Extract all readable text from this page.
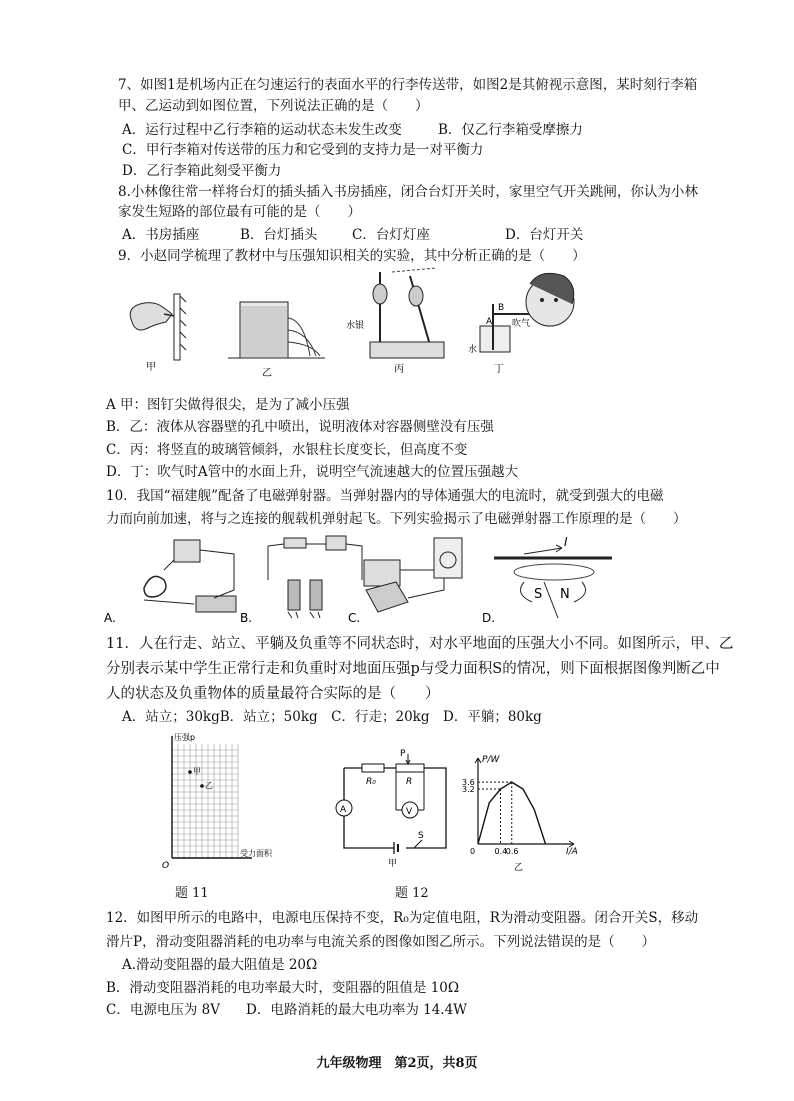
7、如图1是机场内正在匀速运行的表面水平的行李传送带，如图2是其俯视示意图，某时刻行李箱
甲、乙运动到如图位置，下列说法正确的是（　　）
A．运行过程中乙行李箱的运动状态未发生改变	B．仅乙行李箱受摩擦力
C．甲行李箱对传送带的压力和它受到的支持力是一对平衡力
D．乙行李箱此刻受平衡力
8.小林像往常一样将台灯的插头插入书房插座，闭合台灯开关时，家里空气开关跳闸，你认为小林
家发生短路的部位最有可能的是（　　）
A．书房插座	B．台灯插头	C．台灯灯座	D．台灯开关
9．小赵同学梳理了教材中与压强知识相关的实验，其中分析正确的是（　　）
甲
乙
水银
丙
B
A 吹气
水
丁
A 甲：图钉尖做得很尖，是为了减小压强
B．乙：液体从容器壁的孔中喷出，说明液体对容器侧壁没有压强
C．丙：将竖直的玻璃管倾斜，水银柱长度变长，但高度不变
D．丁：吹气时A管中的水面上升，说明空气流速越大的位置压强越大
10．我国“福建舰”配备了电磁弹射器。当弹射器内的导体通强大的电流时，就受到强大的电磁
力而向前加速，将与之连接的舰载机弹射起飞。下列实验揭示了电磁弹射器工作原理的是（　　）
A.	B.	C.
I
S N
D.
11．人在行走、站立、平躺及负重等不同状态时，对水平地面的压强大小不同。如图所示，甲、乙
分别表示某中学生正常行走和负重时对地面压强p与受力面积S的情况，则下面根据图像判断乙中
人的状态及负重物体的质量最符合实际的是（　　）
A．站立；30kgB．站立；50kg　C．行走；20kg　D．平躺；80kg
压强p
受力面积
O
甲
乙
题 11
R₀	R
P
A	V
S
甲
0 0.4
0.6
3.2
3.6
P/W
I/A
乙
题 12
12．如图甲所示的电路中，电源电压保持不变，R₀为定值电阻，R为滑动变阻器。闭合开关S，移动
滑片P，滑动变阻器消耗的电功率与电流关系的图像如图乙所示。下列说法错误的是（　　）
A.滑动变阻器的最大阻值是 20Ω
B．滑动变阻器消耗的电功率最大时，变阻器的阻值是 10Ω
C．电源电压为 8V D．电路消耗的最大电功率为 14.4W
九年级物理　第2页，共8页
